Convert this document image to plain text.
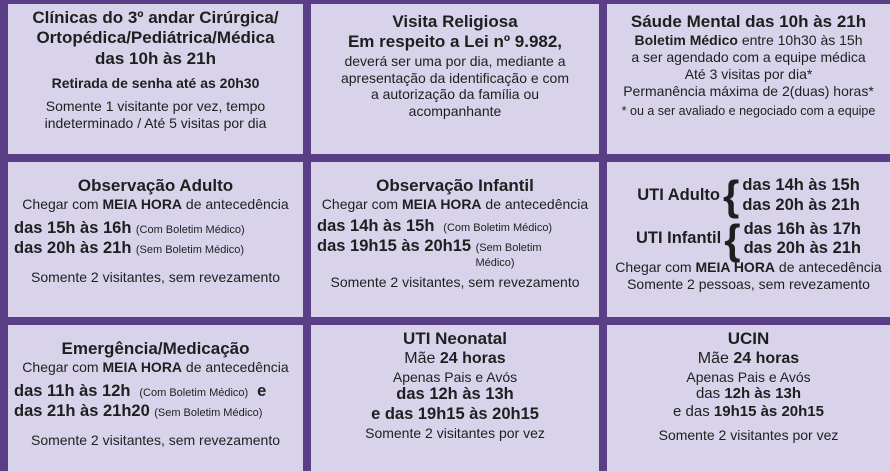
Clínicas do 3º andar Cirúrgica/
Ortopédica/Pediátrica/Médica
das 10h às 21h
Retirada de senha até as 20h30
Somente 1 visitante por vez, tempo
indeterminado / Até 5 visitas por dia
Visita Religiosa
Em respeito a Lei nº 9.982,
deverá ser uma por dia, mediante a
apresentação da identificação e com
a autorização da família ou
acompanhante
Sáude Mental das 10h às 21h
Boletim Médico entre 10h30 às 15h
a ser agendado com a equipe médica
Até 3 visitas por dia*
Permanência máxima de 2(duas) horas*
* ou a ser avaliado e negociado com a equipe
Observação Adulto
Chegar com MEIA HORA de antecedência
das 15h às 16h
(Com Boletim Médico)
das 20h às 21h
(Sem Boletim Médico)
Somente 2 visitantes, sem revezamento
Observação Infantil
Chegar com MEIA HORA de antecedência
das 14h às 15h
(Com Boletim Médico)
das 19h15 às 20h15
(Sem Boletim
Médico)
Somente 2 visitantes, sem revezamento
UTI Adulto { das 14h às 15h
das 20h às 21h
UTI Infantil { das 16h às 17h
das 20h às 21h
Chegar com MEIA HORA de antecedência
Somente 2 pessoas, sem revezamento
Emergência/Medicação
Chegar com MEIA HORA de antecedência
das 11h às 12h
(Com Boletim Médico)
e
das 21h às 21h20
(Sem Boletim Médico)
Somente 2 visitantes, sem revezamento
UTI Neonatal
Mãe 24 horas
Apenas Pais e Avós
das 12h às 13h
e das 19h15 às 20h15
Somente 2 visitantes por vez
UCIN
Mãe 24 horas
Apenas Pais e Avós
das 12h às 13h
e das 19h15 às 20h15
Somente 2 visitantes por vez
